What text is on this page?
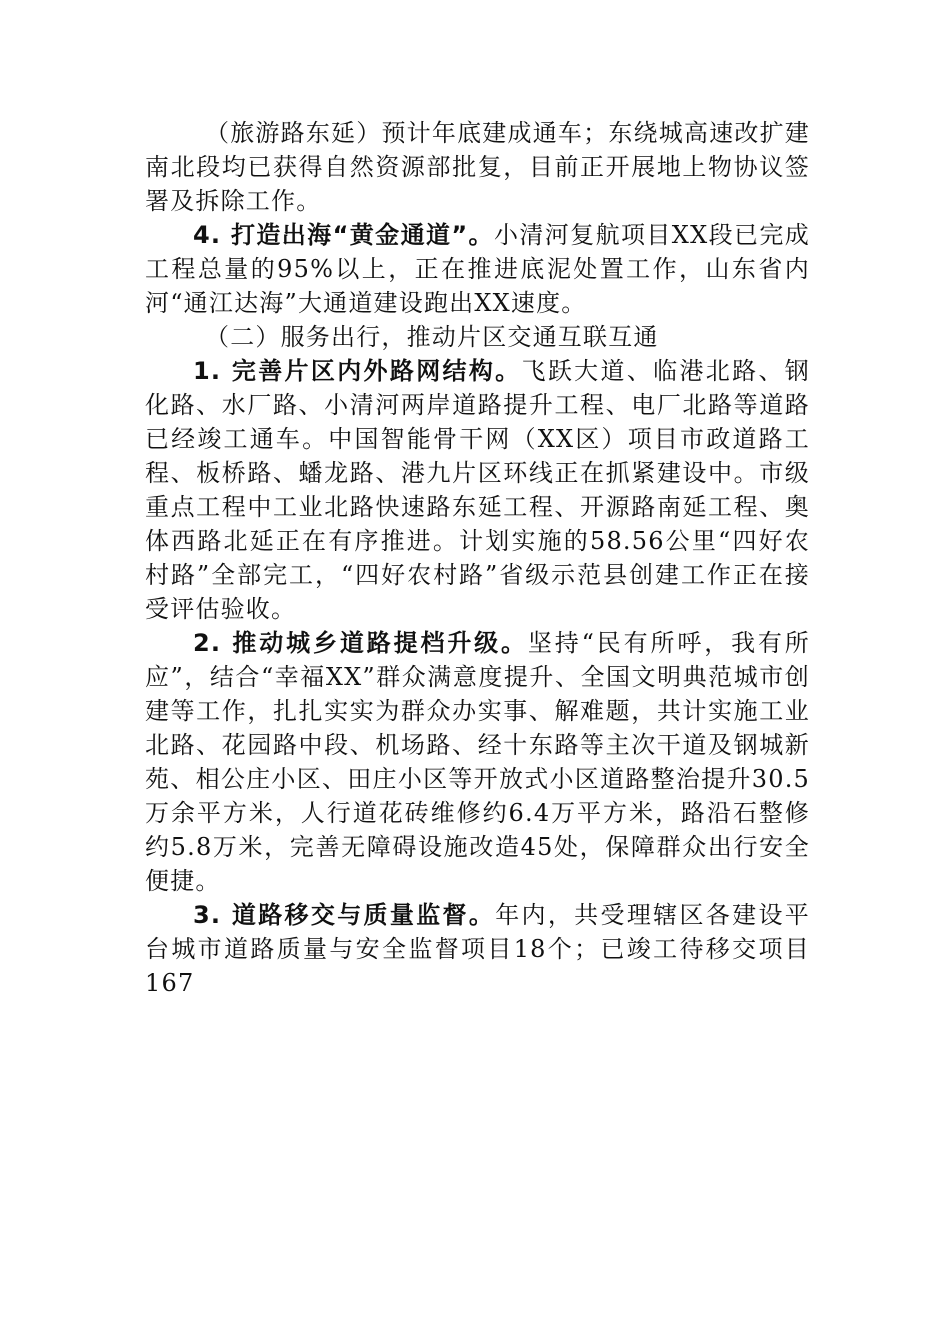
（旅游路东延）预计年底建成通车；东绕城高速改扩建南北段均已获得自然资源部批复，目前正开展地上物协议签署及拆除工作。

4. 打造出海“黄金通道”。小清河复航项目XX段已完成工程总量的95%以上，正在推进底泥处置工作，山东省内河“通江达海”大通道建设跑出XX速度。

（二）服务出行，推动片区交通互联互通

1. 完善片区内外路网结构。飞跃大道、临港北路、钢化路、水厂路、小清河两岸道路提升工程、电厂北路等道路已经竣工通车。中国智能骨干网（XX区）项目市政道路工程、板桥路、蟠龙路、港九片区环线正在抓紧建设中。市级重点工程中工业北路快速路东延工程、开源路南延工程、奥体西路北延正在有序推进。计划实施的58.56公里“四好农村路”全部完工，“四好农村路”省级示范县创建工作正在接受评估验收。

2. 推动城乡道路提档升级。坚持“民有所呼，我有所应”，结合“幸福XX”群众满意度提升、全国文明典范城市创建等工作，扎扎实实为群众办实事、解难题，共计实施工业北路、花园路中段、机场路、经十东路等主次干道及钢城新苑、相公庄小区、田庄小区等开放式小区道路整治提升30.5万余平方米，人行道花砖维修约6.4万平方米，路沿石整修约5.8万米，完善无障碍设施改造45处，保障群众出行安全便捷。

3. 道路移交与质量监督。年内，共受理辖区各建设平台城市道路质量与安全监督项目18个；已竣工待移交项目167
